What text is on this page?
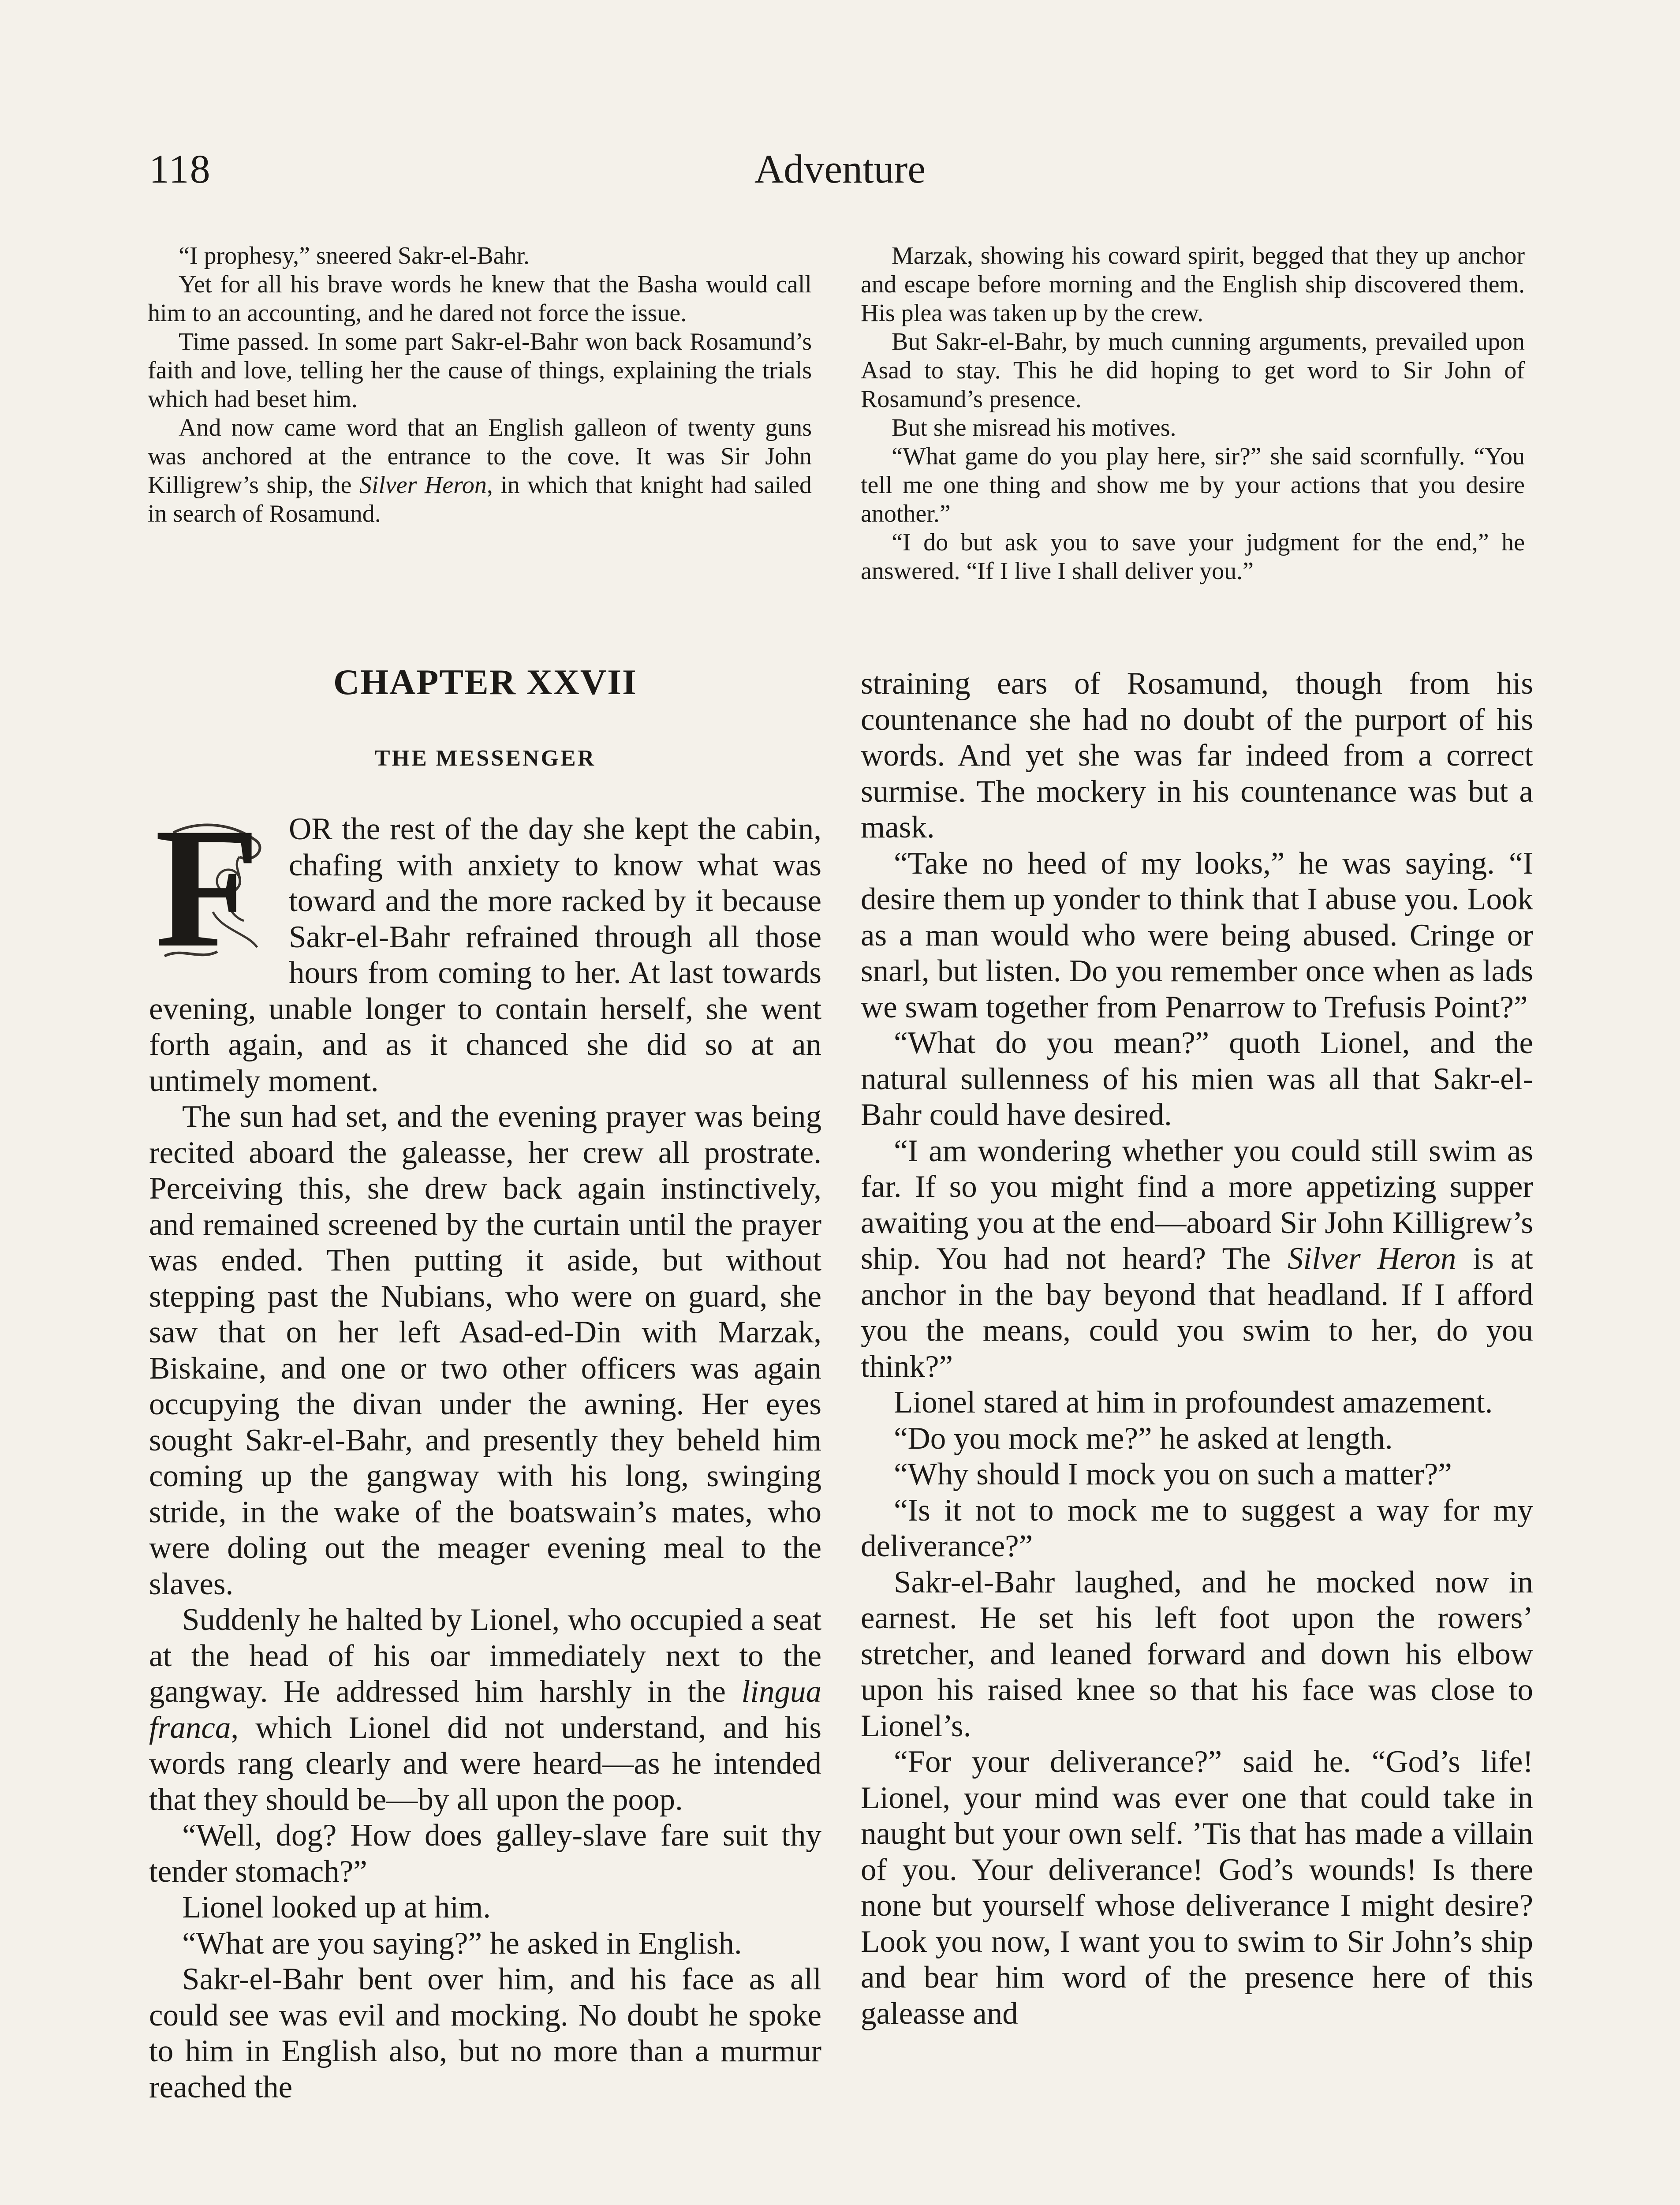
118	Adventure

“I prophesy,” sneered Sakr-el-Bahr.

Yet for all his brave words he knew that the Basha would call him to an accounting, and he dared not force the issue.

Time passed. In some part Sakr-el-Bahr won back Rosamund’s faith and love, telling her the cause of things, explaining the trials which had beset him.

And now came word that an English galleon of twenty guns was anchored at the entrance to the cove. It was Sir John Killigrew’s ship, the Silver Heron, in which that knight had sailed in search of Rosamund.

Marzak, showing his coward spirit, begged that they up anchor and escape before morning and the English ship discovered them. His plea was taken up by the crew.

But Sakr-el-Bahr, by much cunning arguments, prevailed upon Asad to stay. This he did hoping to get word to Sir John of Rosamund’s presence.

But she misread his motives.

“What game do you play here, sir?” she said scornfully. “You tell me one thing and show me by your actions that you desire another.”

“I do but ask you to save your judgment for the end,” he answered. “If I live I shall deliver you.”

CHAPTER XXVII
THE MESSENGER

F OR the rest of the day she kept the cabin, chafing with anxiety to know what was toward and the more racked by it because Sakr-el-Bahr refrained through all those hours from coming to her. At last towards evening, unable longer to contain herself, she went forth again, and as it chanced she did so at an untimely moment.

The sun had set, and the evening prayer was being recited aboard the galeasse, her crew all prostrate. Perceiving this, she drew back again instinctively, and remained screened by the curtain until the prayer was ended. Then putting it aside, but without stepping past the Nubians, who were on guard, she saw that on her left Asad-ed-Din with Marzak, Biskaine, and one or two other officers was again occupying the divan under the awning. Her eyes sought Sakr-el-Bahr, and presently they beheld him coming up the gangway with his long, swinging stride, in the wake of the boatswain’s mates, who were doling out the meager evening meal to the slaves.

Suddenly he halted by Lionel, who occupied a seat at the head of his oar immediately next to the gangway. He addressed him harshly in the lingua franca, which Lionel did not understand, and his words rang clearly and were heard—as he intended that they should be—by all upon the poop.

“Well, dog? How does galley-slave fare suit thy tender stomach?”

Lionel looked up at him.

“What are you saying?” he asked in English.

Sakr-el-Bahr bent over him, and his face as all could see was evil and mocking. No doubt he spoke to him in English also, but no more than a murmur reached the

straining ears of Rosamund, though from his countenance she had no doubt of the purport of his words. And yet she was far indeed from a correct surmise. The mockery in his countenance was but a mask.

“Take no heed of my looks,” he was saying. “I desire them up yonder to think that I abuse you. Look as a man would who were being abused. Cringe or snarl, but listen. Do you remember once when as lads we swam together from Penarrow to Trefusis Point?”

“What do you mean?” quoth Lionel, and the natural sullenness of his mien was all that Sakr-el-Bahr could have desired.

“I am wondering whether you could still swim as far. If so you might find a more appetizing supper awaiting you at the end—aboard Sir John Killigrew’s ship. You had not heard? The Silver Heron is at anchor in the bay beyond that headland. If I afford you the means, could you swim to her, do you think?”

Lionel stared at him in profoundest amazement.

“Do you mock me?” he asked at length.

“Why should I mock you on such a matter?”

“Is it not to mock me to suggest a way for my deliverance?”

Sakr-el-Bahr laughed, and he mocked now in earnest. He set his left foot upon the rowers’ stretcher, and leaned forward and down his elbow upon his raised knee so that his face was close to Lionel’s.

“For your deliverance?” said he. “God’s life! Lionel, your mind was ever one that could take in naught but your own self. ’Tis that has made a villain of you. Your deliverance! God’s wounds! Is there none but yourself whose deliverance I might desire? Look you now, I want you to swim to Sir John’s ship and bear him word of the presence here of this galeasse and
